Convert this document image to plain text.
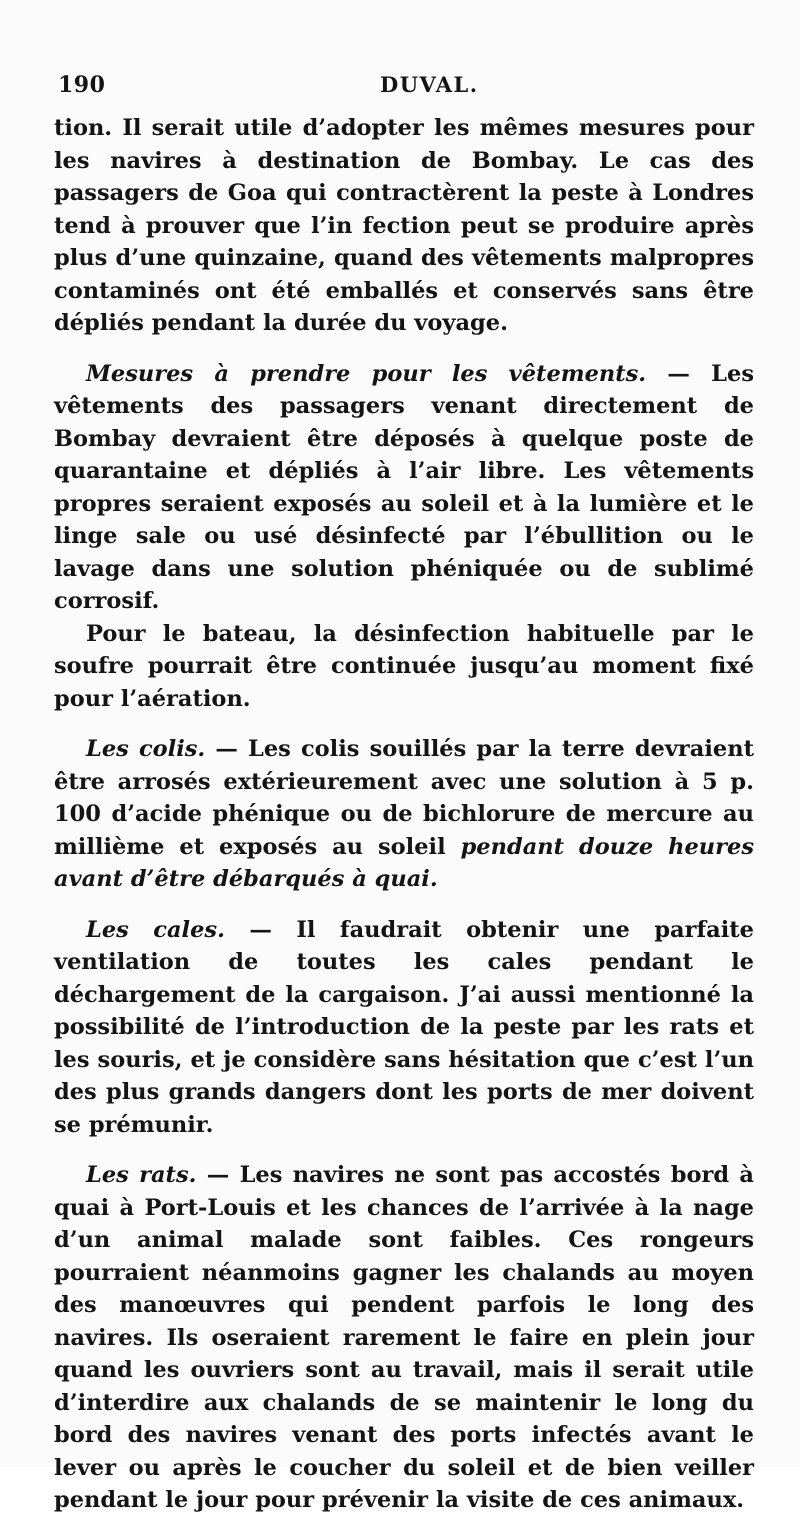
190	DUVAL.

tion. Il serait utile d’adopter les mêmes mesures pour les navires à destination de Bombay. Le cas des passagers de Goa qui contractèrent la peste à Londres tend à prouver que l’in fection peut se produire après plus d’une quinzaine, quand des vêtements malpropres contaminés ont été emballés et conservés sans être dépliés pendant la durée du voyage.

Mesures à prendre pour les vêtements. — Les vêtements des passagers venant directement de Bombay devraient être déposés à quelque poste de quarantaine et dépliés à l’air libre. Les vêtements propres seraient exposés au soleil et à la lumière et le linge sale ou usé désinfecté par l’ébullition ou le lavage dans une solution phéniquée ou de sublimé corrosif.

Pour le bateau, la désinfection habituelle par le soufre pourrait être continuée jusqu’au moment fixé pour l’aération.

Les colis. — Les colis souillés par la terre devraient être arrosés extérieurement avec une solution à 5 p. 100 d’acide phénique ou de bichlorure de mercure au millième et exposés au soleil pendant douze heures avant d’être débarqués à quai.

Les cales. — Il faudrait obtenir une parfaite ventilation de toutes les cales pendant le déchargement de la cargaison. J’ai aussi mentionné la possibilité de l’introduction de la peste par les rats et les souris, et je considère sans hésitation que c’est l’un des plus grands dangers dont les ports de mer doivent se prémunir.

Les rats. — Les navires ne sont pas accostés bord à quai à Port-Louis et les chances de l’arrivée à la nage d’un animal malade sont faibles. Ces rongeurs pourraient néanmoins gagner les chalands au moyen des manœuvres qui pendent parfois le long des navires. Ils oseraient rarement le faire en plein jour quand les ouvriers sont au travail, mais il serait utile d’interdire aux chalands de se maintenir le long du bord des navires venant des ports infectés avant le lever ou après le coucher du soleil et de bien veiller pendant le jour pour prévenir la visite de ces animaux.
